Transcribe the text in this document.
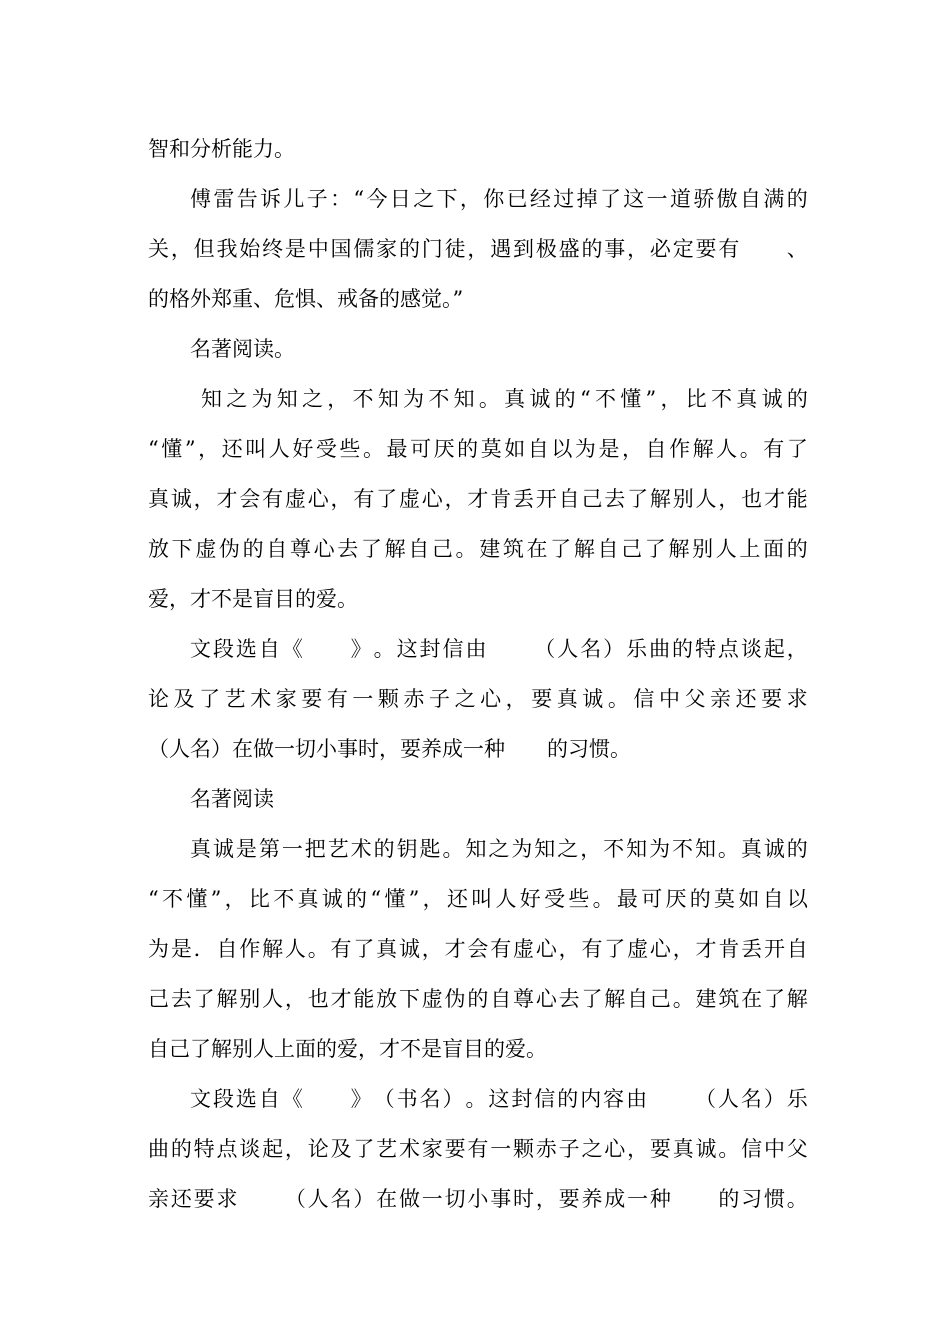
智和分析能力。
傅 雷 告 诉 儿 子 ： “ 今 日 之 下 ， 你 已 经 过 掉 了 这 一 道 骄 傲 自 满 的
关 ， 但 我 始 终 是 中 国 儒 家 的 门 徒 ， 遇 到 极 盛 的 事 ， 必 定 要 有

　 、
的格外郑重、危惧、戒备的感觉。”
名著阅读。

知 之 为 知 之 ， 不 知 为 不 知 。 真 诚 的 “ 不 懂 ” ， 比 不 真 诚 的
“ 懂 ” ， 还 叫 人 好 受 些 。 最 可 厌 的 莫 如 自 以 为 是 ， 自 作 解 人 。 有 了
真 诚 ， 才 会 有 虚 心 ， 有 了 虚 心 ， 才 肯 丢 开 自 己 去 了 解 别 人 ， 也 才 能
放 下 虚 伪 的 自 尊 心 去 了 解 自 己 。 建 筑 在 了 解 自 己 了 解 别 人 上 面 的
爱，才不是盲目的爱。
文 段 选 自 《

　 》 。 这 封 信 由

　 （ 人 名 ） 乐 曲 的 特 点 谈 起 ，
论 及 了 艺 术 家 要 有 一 颗 赤 子 之 心 ， 要 真 诚 。 信 中 父 亲 还 要 求
（人名）在做一切小事时，要养成一种　　的习惯。
名著阅读
真 诚 是 第 一 把 艺 术 的 钥 匙 。 知 之 为 知 之 ， 不 知 为 不 知 。 真 诚 的
“ 不 懂 ” ， 比 不 真 诚 的 “ 懂 ” ， 还 叫 人 好 受 些 。 最 可 厌 的 莫 如 自 以
为 是 ． 自 作 解 人 。 有 了 真 诚 ， 才 会 有 虚 心 ， 有 了 虚 心 ， 才 肯 丢 开 自
己 去 了 解 别 人 ， 也 才 能 放 下 虚 伪 的 自 尊 心 去 了 解 自 己 。 建 筑 在 了 解
自己了解别人上面的爱，才不是盲目的爱。
文 段 选 自 《

　 》 （ 书 名 ） 。 这 封 信 的 内 容 由

　 （ 人 名 ） 乐
曲 的 特 点 谈 起 ， 论 及 了 艺 术 家 要 有 一 颗 赤 子 之 心 ， 要 真 诚 。 信 中 父
亲 还 要 求

　 （ 人 名 ） 在 做 一 切 小 事 时 ， 要 养 成 一 种

　 的 习 惯 。
